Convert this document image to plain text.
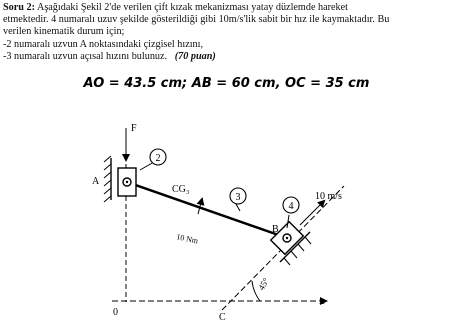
Soru 2: Aşağıdaki Şekil 2'de verilen çift kızak mekanizması yatay düzlemde hareket
etmektedir. 4 numaralı uzuv şekilde gösterildiği gibi 10m/s'lik sabit bir hız ile kaymaktadır. Bu
verilen kinematik durum için;
-2 numaralı uzvun A noktasındaki çizgisel hızını,
-3 numaralı uzvun açısal hızını bulunuz. (70 puan)
AO = 43.5 cm; AB = 60 cm, OC = 35 cm
2
3
4
F
A
B
C
0
x
CG₃
10 Nm
10 m/s
45°
